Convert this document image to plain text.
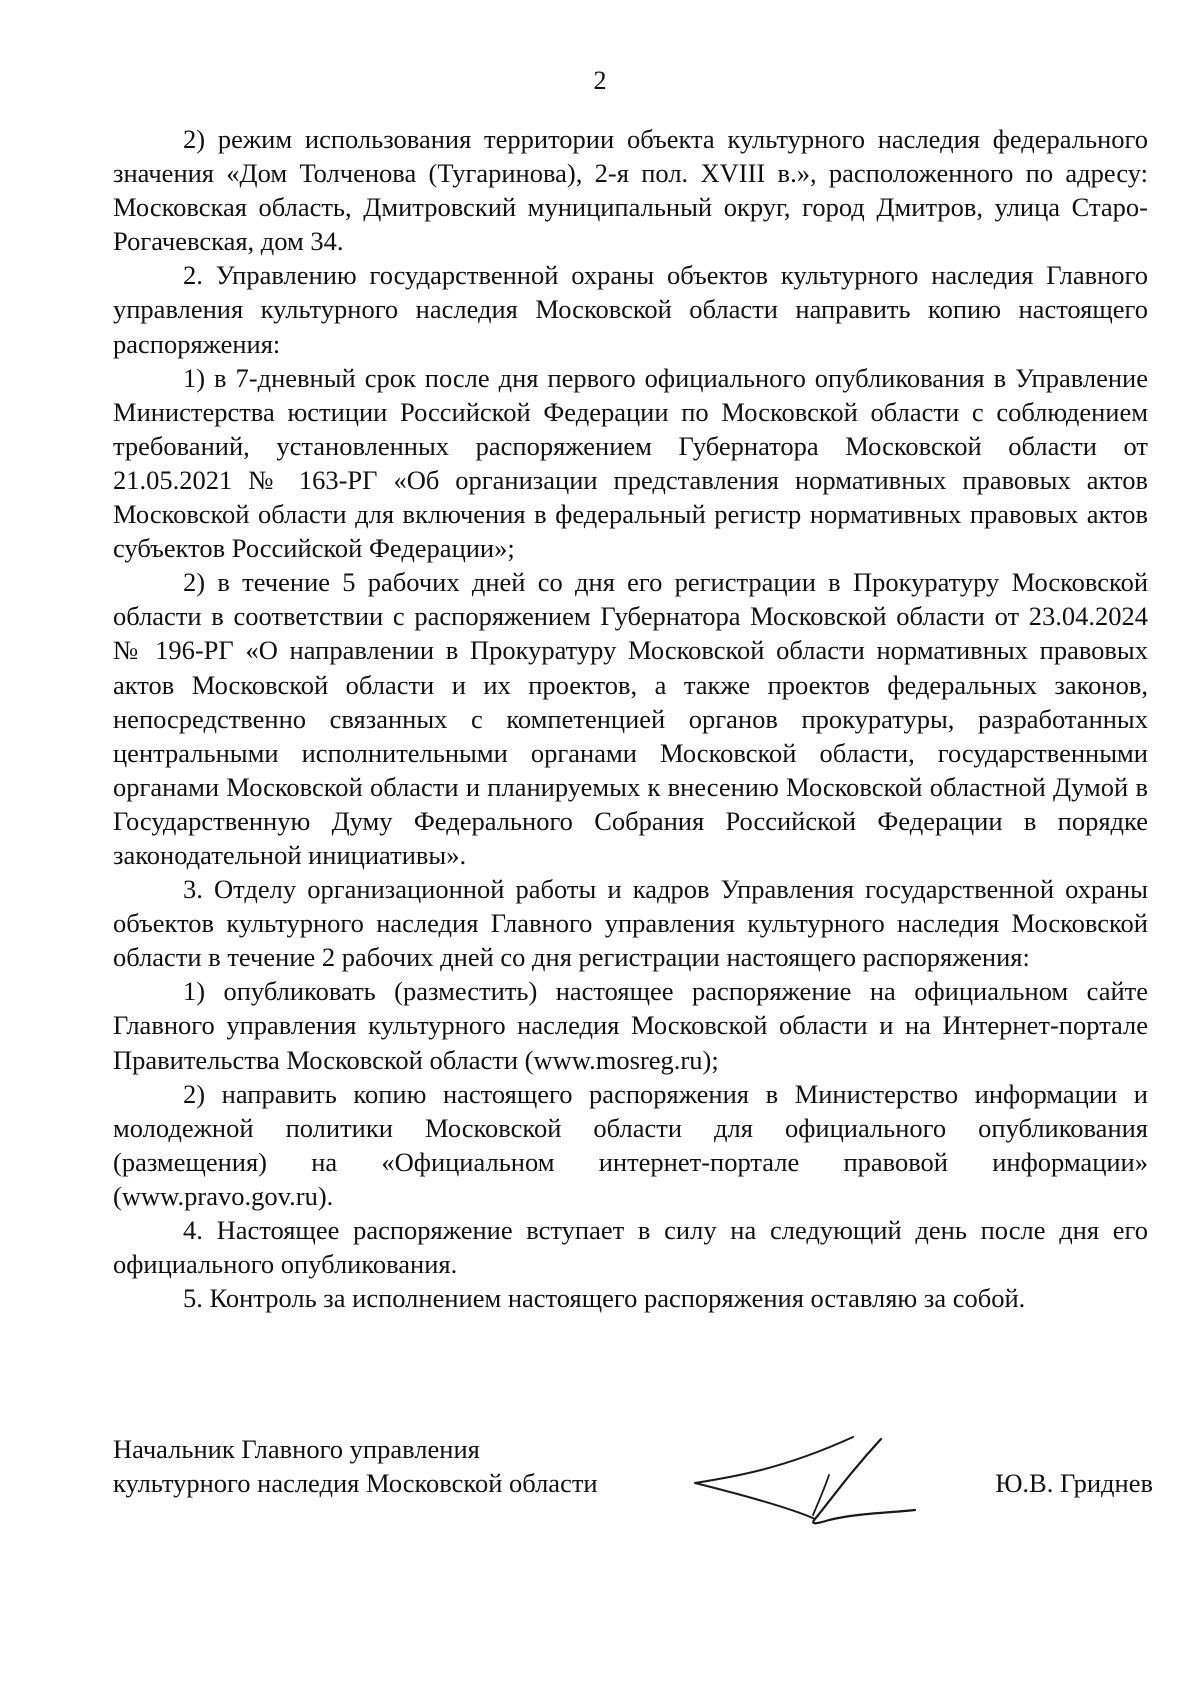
2

2) режим использования территории объекта культурного наследия федерального значения «Дом Толченова (Тугаринова), 2-я пол. XVIII в.», расположенного по адресу: Московская область, Дмитровский муниципальный округ, город Дмитров, улица Старо-Рогачевская, дом 34.

2. Управлению государственной охраны объектов культурного наследия Главного управления культурного наследия Московской области направить копию настоящего распоряжения:

1) в 7-дневный срок после дня первого официального опубликования в Управление Министерства юстиции Российской Федерации по Московской области с соблюдением требований, установленных распоряжением Губернатора Московской области от 21.05.2021 № 163-РГ «Об организации представления нормативных правовых актов Московской области для включения в федеральный регистр нормативных правовых актов субъектов Российской Федерации»;

2) в течение 5 рабочих дней со дня его регистрации в Прокуратуру Московской области в соответствии с распоряжением Губернатора Московской области от 23.04.2024 № 196-РГ «О направлении в Прокуратуру Московской области нормативных правовых актов Московской области и их проектов, а также проектов федеральных законов, непосредственно связанных с компетенцией органов прокуратуры, разработанных центральными исполнительными органами Московской области, государственными органами Московской области и планируемых к внесению Московской областной Думой в Государственную Думу Федерального Собрания Российской Федерации в порядке законодательной инициативы».

3. Отделу организационной работы и кадров Управления государственной охраны объектов культурного наследия Главного управления культурного наследия Московской области в течение 2 рабочих дней со дня регистрации настоящего распоряжения:

1) опубликовать (разместить) настоящее распоряжение на официальном сайте Главного управления культурного наследия Московской области и на Интернет-портале Правительства Московской области (www.mosreg.ru);

2) направить копию настоящего распоряжения в Министерство информации и молодежной политики Московской области для официального опубликования (размещения) на «Официальном интернет-портале правовой информации» (www.pravo.gov.ru).

4. Настоящее распоряжение вступает в силу на следующий день после дня его официального опубликования.

5. Контроль за исполнением настоящего распоряжения оставляю за собой.

Начальник Главного управления
культурного наследия Московской области	Ю.В. Гриднев
